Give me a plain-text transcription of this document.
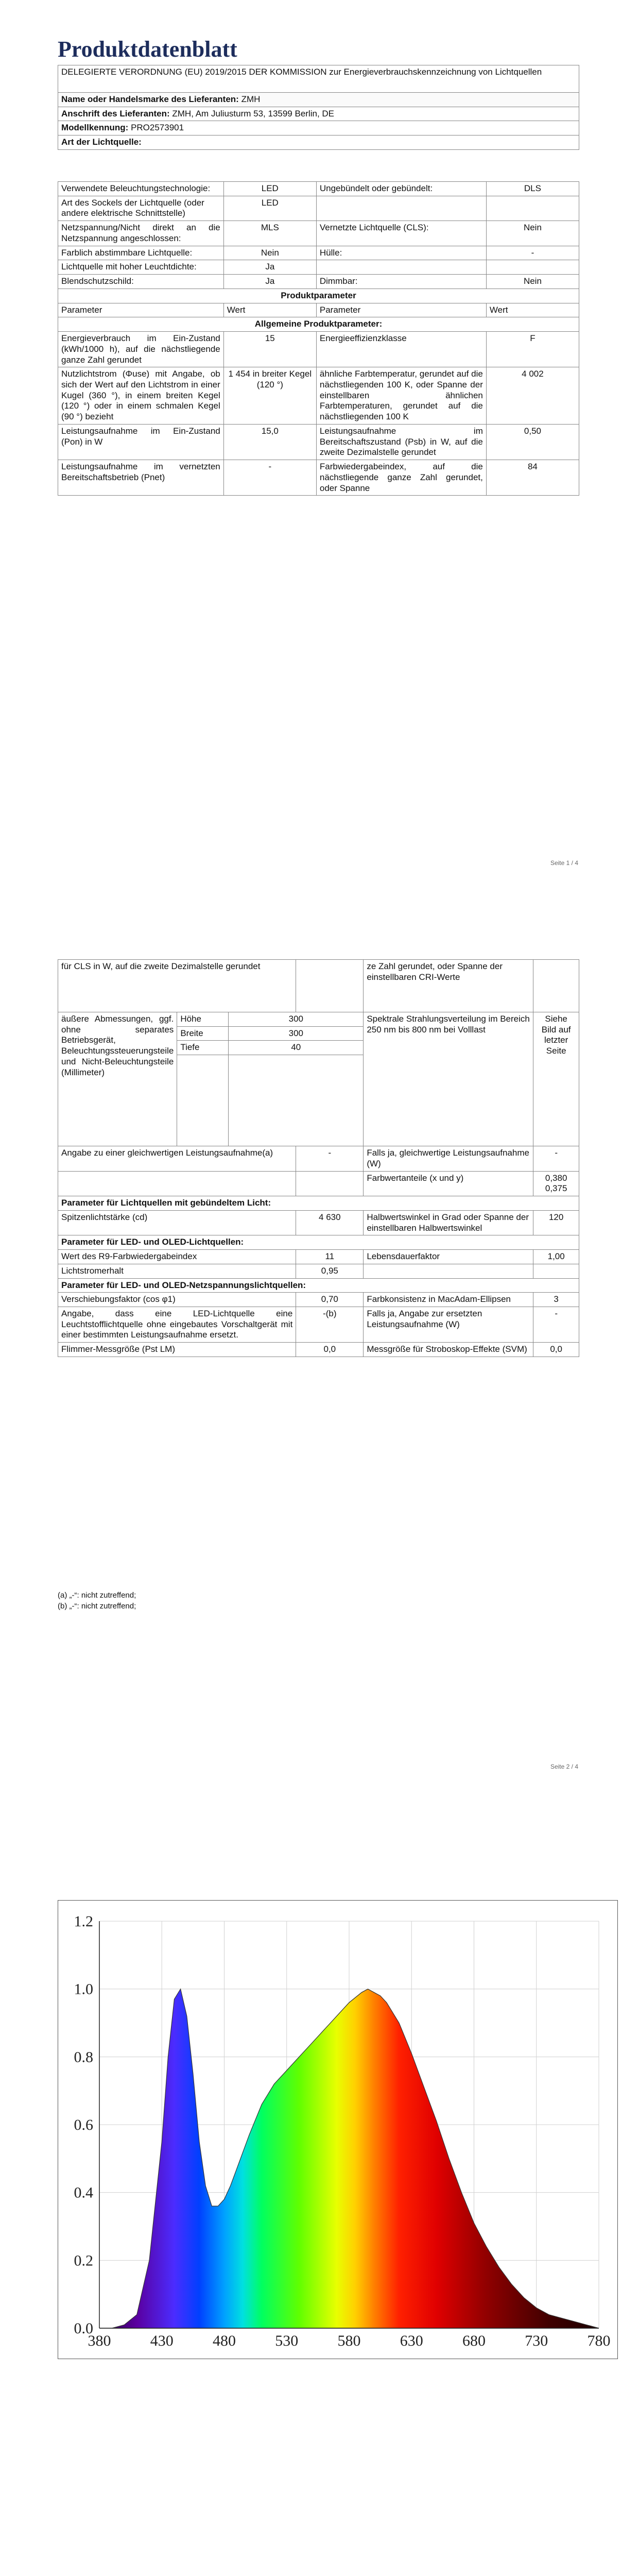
Produktdatenblatt
DELEGIERTE VERORDNUNG (EU) 2019/2015 DER KOMMISSION zur Energieverbrauchskennzeichnung von Lichtquellen
Name oder Handelsmarke des Lieferanten: ZMH
Anschrift des Lieferanten: ZMH, Am Juliusturm 53, 13599 Berlin, DE
Modellkennung: PRO2573901
Art der Lichtquelle:
Verwendete Beleuchtungstechnologie:	LED	Ungebündelt oder gebündelt:	DLS
Art des Sockels der Lichtquelle (oder andere elektrische Schnittstelle)	LED		
Netzspannung/Nicht direkt an die Netzspannung angeschlossen:	MLS	Vernetzte Lichtquelle (CLS):	Nein
Farblich abstimmbare Lichtquelle:	Nein	Hülle:	-
Lichtquelle mit hoher Leuchtdichte:	Ja		
Blendschutzschild:	Ja	Dimmbar:	Nein
Produktparameter			
Parameter	Wert	Parameter	Wert
Allgemeine Produktparameter:			
Energieverbrauch im Ein-Zustand (kWh/1000 h), auf die nächstliegende ganze Zahl gerundet	15	Energieeffizienzklasse	F
Nutzlichtstrom (Φuse) mit Angabe, ob sich der Wert auf den Lichtstrom in einer Kugel (360 °), in einem breiten Kegel (120 °) oder in einem schmalen Kegel (90 °) bezieht	1 454 in breiter Kegel (120 °)	ähnliche Farbtemperatur, gerundet auf die nächstliegenden 100 K, oder Spanne der einstellbaren ähnlichen Farbtemperaturen, gerundet auf die nächstliegenden 100 K	4 002
Leistungsaufnahme im Ein-Zustand (Pon) in W	15,0	Leistungsaufnahme im Bereitschaftszustand (Psb) in W, auf die zweite Dezimalstelle gerundet	0,50
Leistungsaufnahme im vernetzten Bereitschaftsbetrieb (Pnet)	-	Farbwiedergabeindex, auf die nächstliegende ganze Zahl gerundet, oder Spanne	84
Seite 1 / 4
für CLS in W, auf die zweite Dezimalstelle gerundet				ze Zahl gerundet, oder Spanne der einstellbaren CRI-Werte	
äußere Abmessungen, ggf. ohne separates Betriebsgerät, Beleuchtungssteuerungsteile und Nicht-Beleuchtungsteile (Millimeter)	Höhe	300		Spektrale Strahlungsverteilung im Bereich 250 nm bis 800 nm bei Volllast	Siehe Bild auf letzter Seite
	Breite	300			
	Tiefe	40			

Angabe zu einer gleichwertigen Leistungsaufnahme(a)			-	Falls ja, gleichwertige Leistungsaufnahme (W)	-
				Farbwertanteile (x und y)	0,380 0,375
Parameter für Lichtquellen mit gebündeltem Licht:					
Spitzenlichtstärke (cd)			4 630	Halbwertswinkel in Grad oder Spanne der einstellbaren Halbwertswinkel	120
Parameter für LED- und OLED-Lichtquellen:					
Wert des R9-Farbwiedergabeindex			11	Lebensdauerfaktor	1,00
Lichtstromerhalt			0,95		
Parameter für LED- und OLED-Netzspannungslichtquellen:					
Verschiebungsfaktor (cos φ1)			0,70	Farbkonsistenz in MacAdam-Ellipsen	3
Angabe, dass eine LED-Lichtquelle eine Leuchtstofflichtquelle ohne eingebautes Vorschaltgerät mit einer bestimmten Leistungsaufnahme ersetzt.			-(b)	Falls ja, Angabe zur ersetzten Leistungsaufnahme (W)	-
Flimmer-Messgröße (Pst LM)			0,0	Messgröße für Stroboskop-Effekte (SVM)	0,0
(a) „-“: nicht zutreffend;
(b) „-“: nicht zutreffend;
Seite 2 / 4
380	430	480	530	580	630	680	730	780
0.0
0.2
0.4
0.6
0.8
1.0
1.2
